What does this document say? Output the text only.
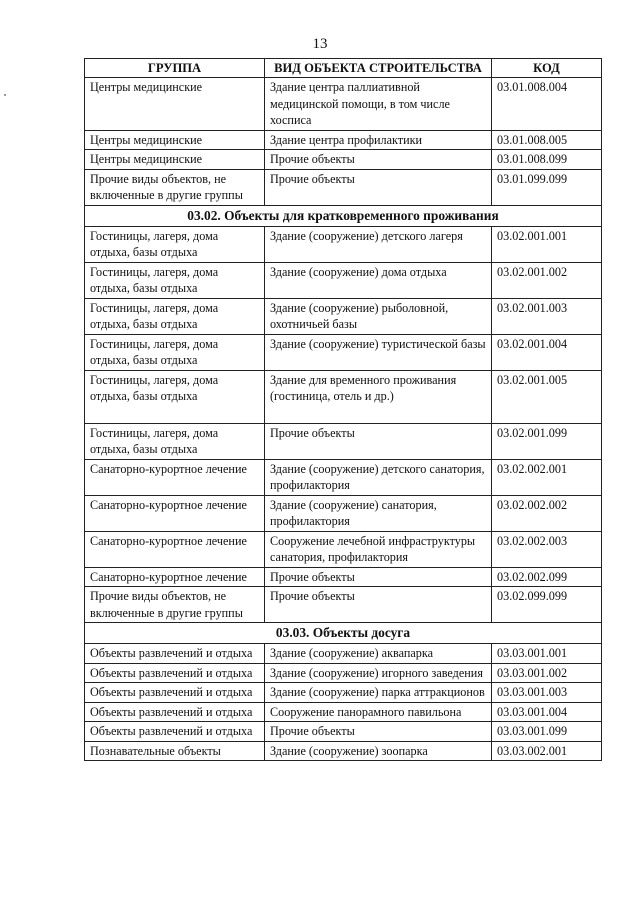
13
ГРУППА	ВИД ОБЪЕКТА СТРОИТЕЛЬСТВА	КОД
Центры медицинские	Здание центра паллиативной медицинской помощи, в том числе хосписа	03.01.008.004
Центры медицинские	Здание центра профилактики	03.01.008.005
Центры медицинские	Прочие объекты	03.01.008.099
Прочие виды объектов, не включенные в другие группы	Прочие объекты	03.01.099.099
03.02. Объекты для кратковременного проживания		
Гостиницы, лагеря, дома отдыха, базы отдыха	Здание (сооружение) детского лагеря	03.02.001.001
Гостиницы, лагеря, дома отдыха, базы отдыха	Здание (сооружение) дома отдыха	03.02.001.002
Гостиницы, лагеря, дома отдыха, базы отдыха	Здание (сооружение) рыболовной, охотничьей базы	03.02.001.003
Гостиницы, лагеря, дома отдыха, базы отдыха	Здание (сооружение) туристической базы	03.02.001.004
Гостиницы, лагеря, дома отдыха, базы отдыха	Здание для временного проживания (гостиница, отель и др.)	03.02.001.005
Гостиницы, лагеря, дома отдыха, базы отдыха	Прочие объекты	03.02.001.099
Санаторно-курортное лечение	Здание (сооружение) детского санатория, профилактория	03.02.002.001
Санаторно-курортное лечение	Здание (сооружение) санатория, профилактория	03.02.002.002
Санаторно-курортное лечение	Сооружение лечебной инфраструктуры санатория, профилактория	03.02.002.003
Санаторно-курортное лечение	Прочие объекты	03.02.002.099
Прочие виды объектов, не включенные в другие группы	Прочие объекты	03.02.099.099
03.03. Объекты досуга		
Объекты развлечений и отдыха	Здание (сооружение) аквапарка	03.03.001.001
Объекты развлечений и отдыха	Здание (сооружение) игорного заведения	03.03.001.002
Объекты развлечений и отдыха	Здание (сооружение) парка аттракционов	03.03.001.003
Объекты развлечений и отдыха	Сооружение панорамного павильона	03.03.001.004
Объекты развлечений и отдыха	Прочие объекты	03.03.001.099
Познавательные объекты	Здание (сооружение) зоопарка	03.03.002.001
